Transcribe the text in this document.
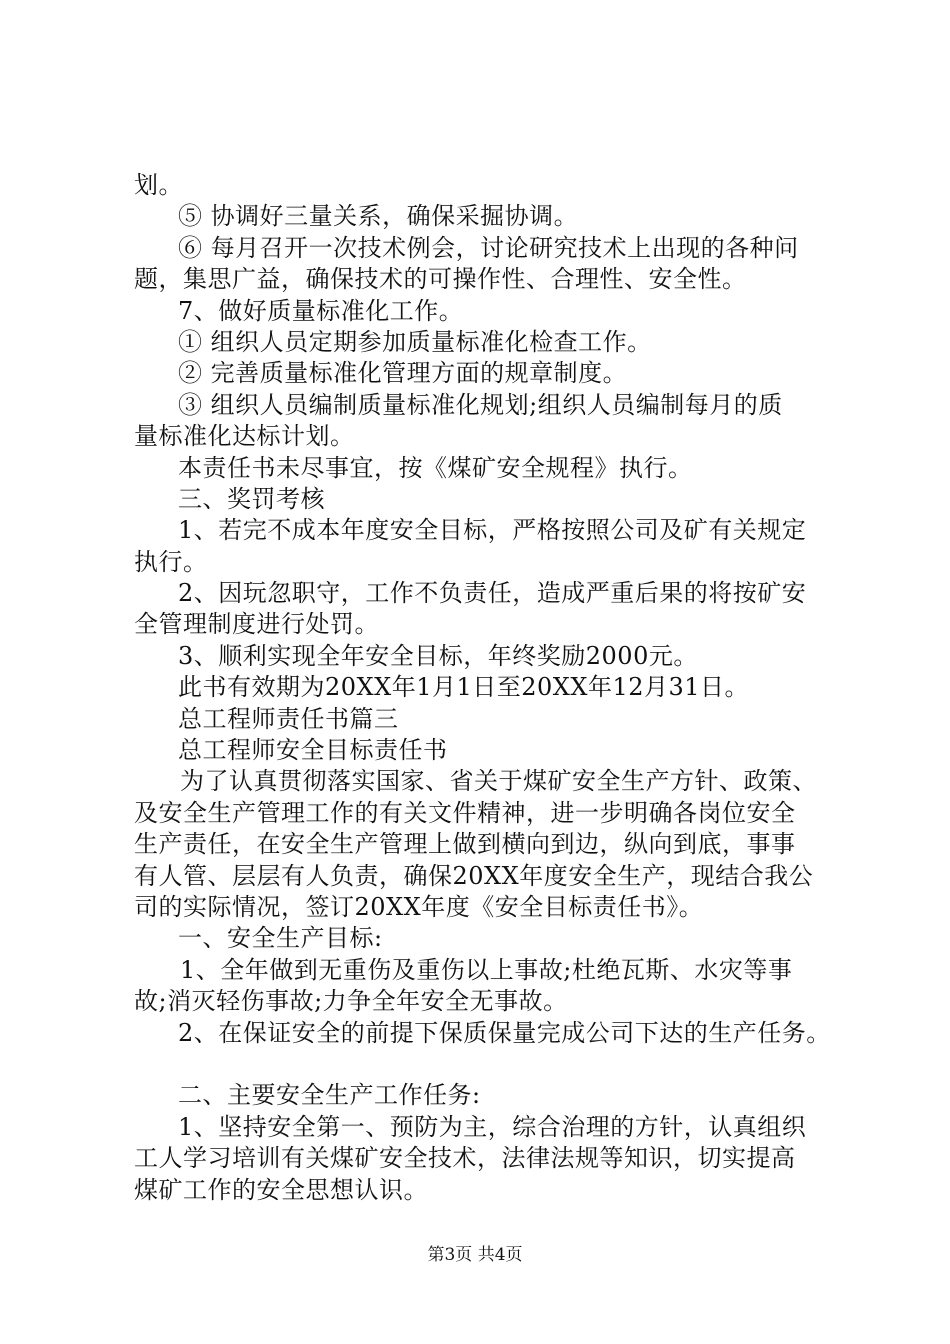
划。
⑤ 协调好三量关系，确保采掘协调。
⑥ 每月召开一次技术例会，讨论研究技术上出现的各种问
题，集思广益，确保技术的可操作性、合理性、安全性。
7、做好质量标准化工作。
① 组织人员定期参加质量标准化检查工作。
② 完善质量标准化管理方面的规章制度。
③ 组织人员编制质量标准化规划;组织人员编制每月的质
量标准化达标计划。
本责任书未尽事宜，按《煤矿安全规程》执行。
三、奖罚考核
1、若完不成本年度安全目标，严格按照公司及矿有关规定
执行。
2、因玩忽职守，工作不负责任，造成严重后果的将按矿安
全管理制度进行处罚。
3、顺利实现全年安全目标，年终奖励2000元。
此书有效期为20XX年1月1日至20XX年12月31日。
总工程师责任书篇三
总工程师安全目标责任书
为了认真贯彻落实国家、省关于煤矿安全生产方针、政策、
及安全生产管理工作的有关文件精神，进一步明确各岗位安全
生产责任，在安全生产管理上做到横向到边，纵向到底，事事
有人管、层层有人负责，确保20XX年度安全生产，现结合我公
司的实际情况，签订20XX年度《安全目标责任书》。
一、安全生产目标:
1、全年做到无重伤及重伤以上事故;杜绝瓦斯、水灾等事
故;消灭轻伤事故;力争全年安全无事故。
2、在保证安全的前提下保质保量完成公司下达的生产任务。
二、主要安全生产工作任务:
1、坚持安全第一、预防为主，综合治理的方针，认真组织
工人学习培训有关煤矿安全技术，法律法规等知识，切实提高
煤矿工作的安全思想认识。
第3页 共4页
